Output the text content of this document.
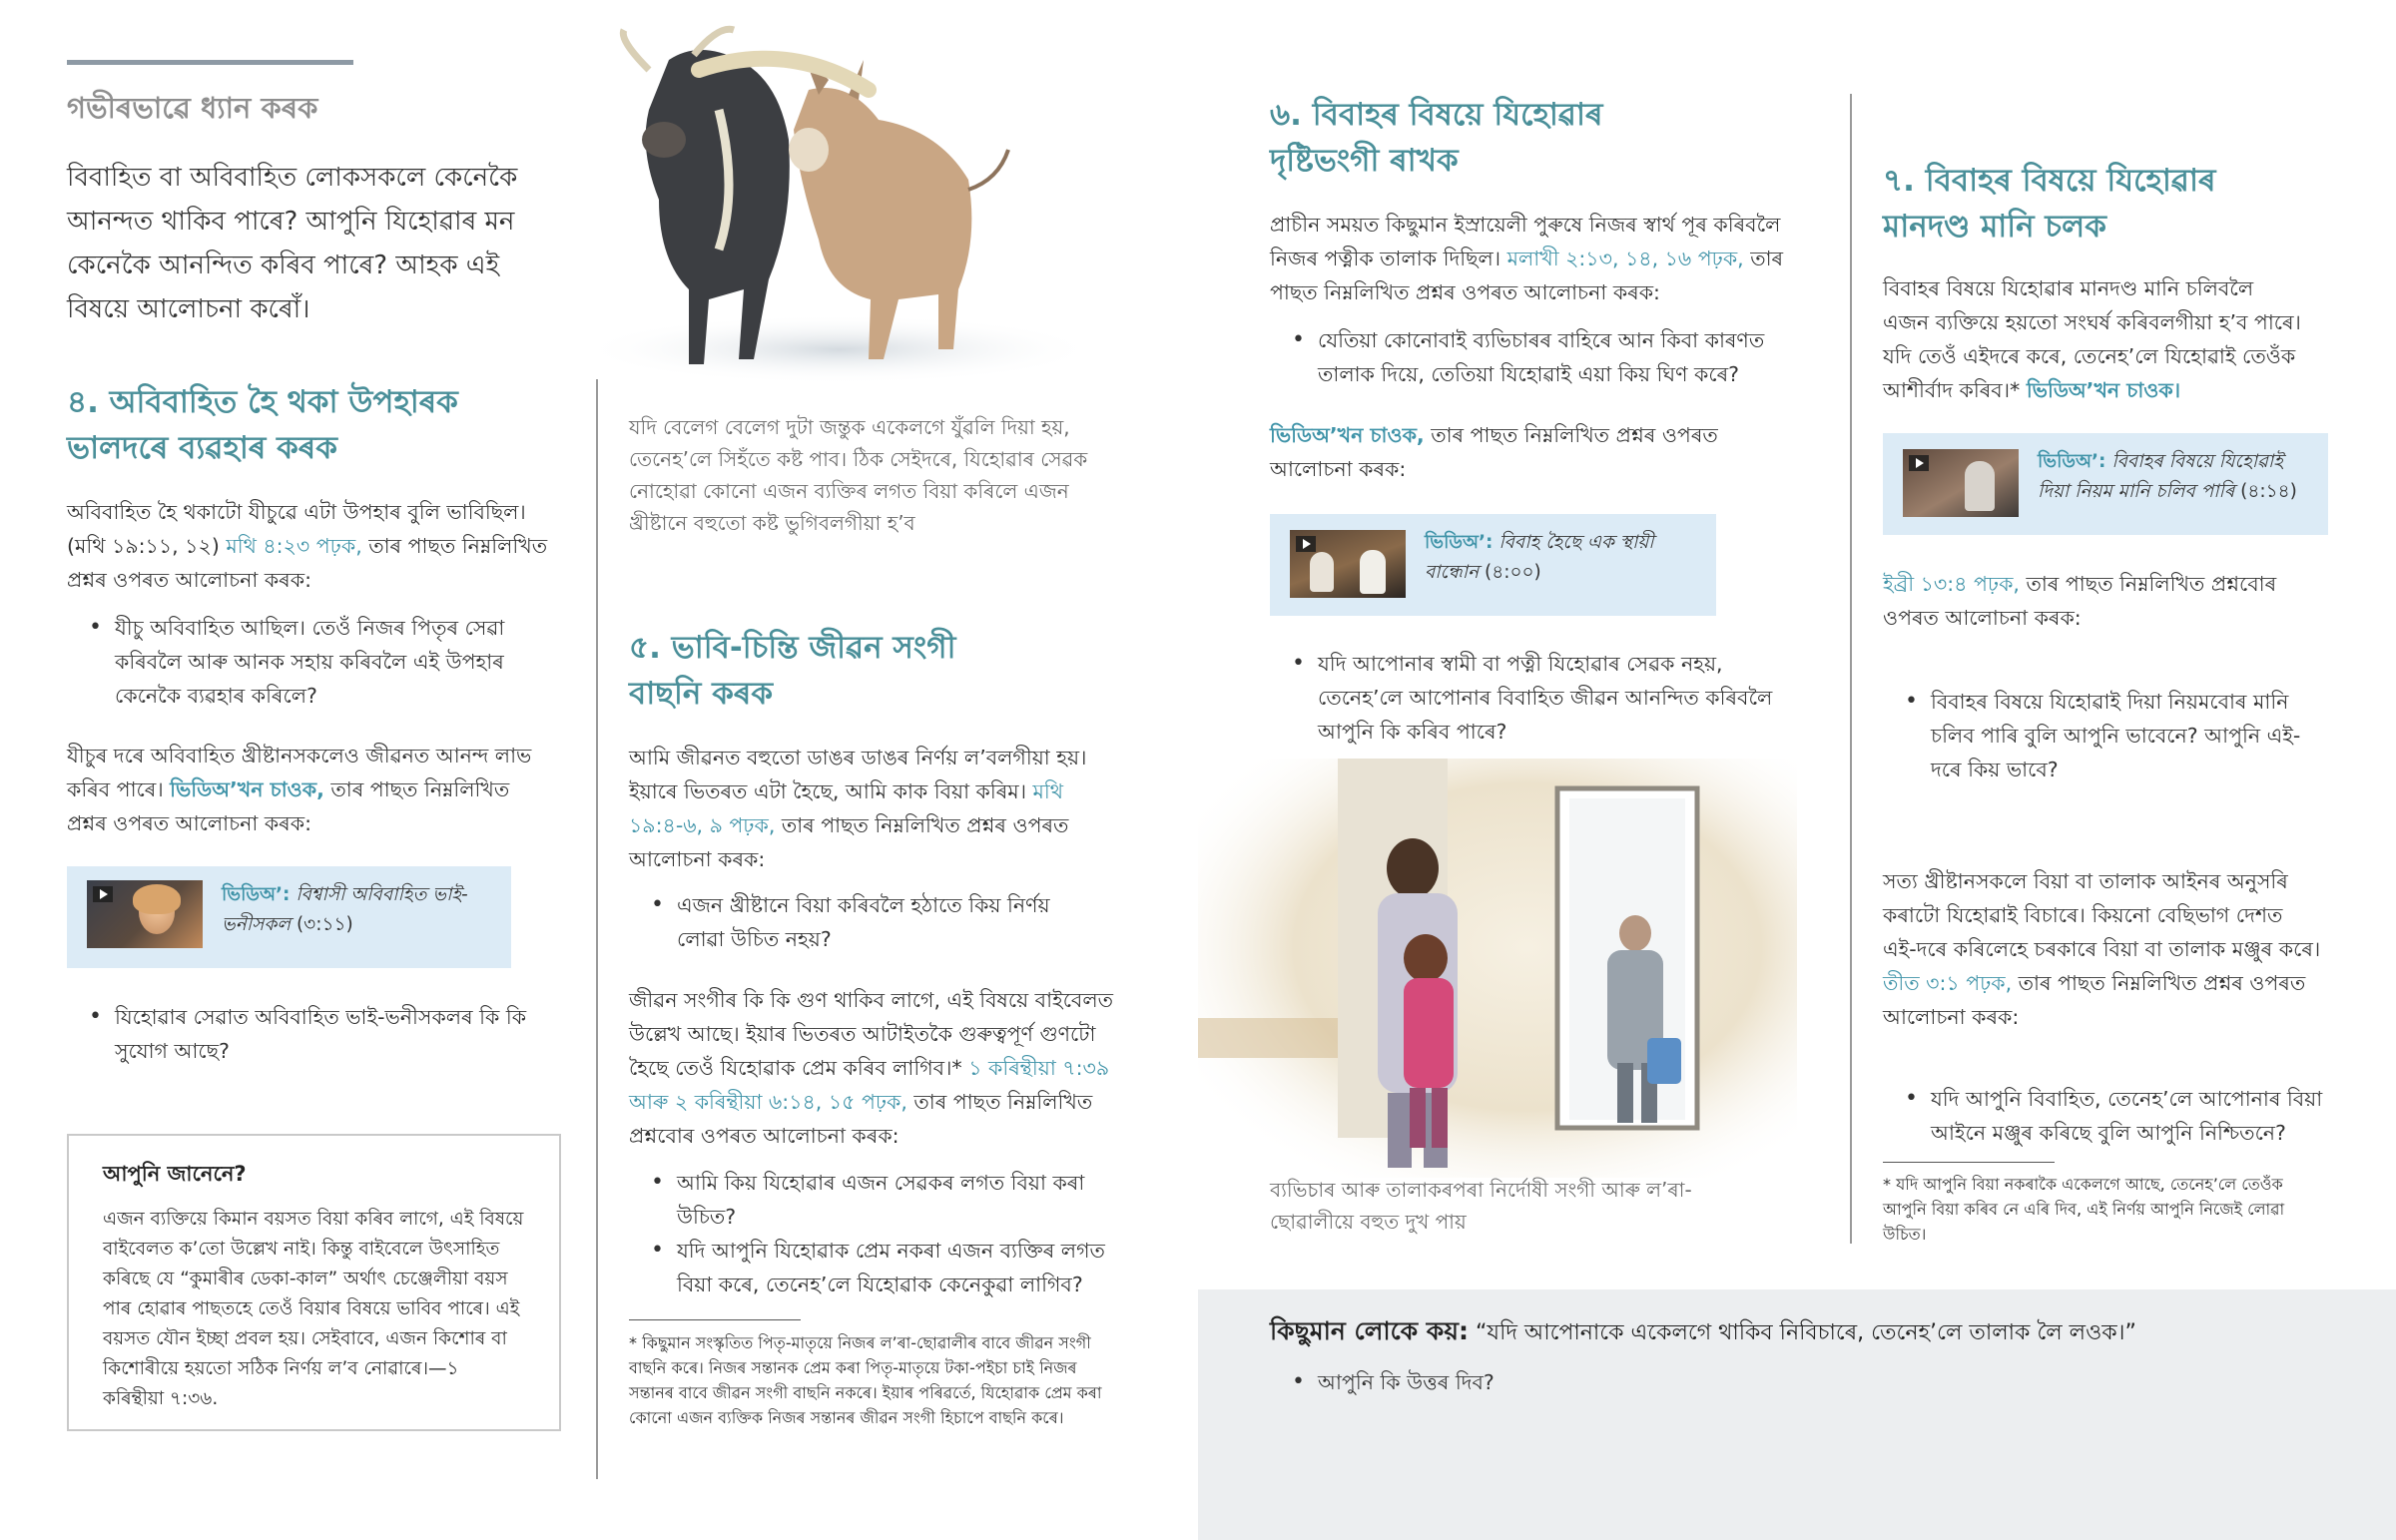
গভীৰভাৱে ধ্যান কৰক

বিবাহিত বা অবিবাহিত লোকসকলে কেনেকৈ আনন্দত থাকিব পাৰে? আপুনি যিহোৱাৰ মন কেনেকৈ আনন্দিত কৰিব পাৰে? আহক এই বিষয়ে আলোচনা কৰোঁ।

৪. অবিবাহিত হৈ থকা উপহাৰক ভালদৰে ব্যৱহাৰ কৰক

অবিবাহিত হৈ থকাটো যীচুৱে এটা উপহাৰ বুলি ভাবিছিল। (মথি ১৯:১১, ১২) মথি ৪:২৩ পঢ়ক, তাৰ পাছত নিম্নলিখিত প্ৰশ্নৰ ওপৰত আলোচনা কৰক:

• যীচু অবিবাহিত আছিল। তেওঁ নিজৰ পিতৃৰ সেৱা কৰিবলৈ আৰু আনক সহায় কৰিবলৈ এই উপহাৰ কেনেকৈ ব্যৱহাৰ কৰিলে?

যীচুৰ দৰে অবিবাহিত খ্ৰীষ্টানসকলেও জীৱনত আনন্দ লাভ কৰিব পাৰে। ভিডিঅ’খন চাওক, তাৰ পাছত নিম্নলিখিত প্ৰশ্নৰ ওপৰত আলোচনা কৰক:

ভিডিঅ’: বিশ্বাসী অবিবাহিত ভাই-ভনীসকল (৩:১১)
• যিহোৱাৰ সেৱাত অবিবাহিত ভাই-ভনীসকলৰ কি কি সুযোগ আছে?
আপুনি জানেনে?

এজন ব্যক্তিয়ে কিমান বয়সত বিয়া কৰিব লাগে, এই বিষয়ে বাইবেলত ক’তো উল্লেখ নাই। কিন্তু বাইবেলে উৎসাহিত কৰিছে যে “কুমাৰীৰ ডেকা-কাল” অৰ্থাৎ চেঞ্জেলীয়া বয়স পাৰ হোৱাৰ পাছতহে তেওঁ বিয়াৰ বিষয়ে ভাবিব পাৰে। এই বয়সত যৌন ইচ্ছা প্ৰবল হয়। সেইবাবে, এজন কিশোৰ বা কিশোৰীয়ে হয়তো সঠিক নিৰ্ণয় ল’ব নোৱাৰে।—১ কৰিন্থীয়া ৭:৩৬.

যদি বেলেগ বেলেগ দুটা জন্তুক একেলগে যুঁৱলি দিয়া হয়, তেনেহ’লে সিহঁতে কষ্ট পাব। ঠিক সেইদৰে, যিহোৱাৰ সেৱক নোহোৱা কোনো এজন ব্যক্তিৰ লগত বিয়া কৰিলে এজন খ্ৰীষ্টানে বহুতো কষ্ট ভুগিবলগীয়া হ’ব

৫. ভাবি-চিন্তি জীৱন সংগী বাছনি কৰক

আমি জীৱনত বহুতো ডাঙৰ ডাঙৰ নিৰ্ণয় ল’বলগীয়া হয়। ইয়াৰে ভিতৰত এটা হৈছে, আমি কাক বিয়া কৰিম। মথি ১৯:৪-৬, ৯ পঢ়ক, তাৰ পাছত নিম্নলিখিত প্ৰশ্নৰ ওপৰত আলোচনা কৰক:

• এজন খ্ৰীষ্টানে বিয়া কৰিবলৈ হঠাতে কিয় নিৰ্ণয় লোৱা উচিত নহয়?

জীৱন সংগীৰ কি কি গুণ থাকিব লাগে, এই বিষয়ে বাইবেলত উল্লেখ আছে। ইয়াৰ ভিতৰত আটাইতকৈ গুৰুত্বপূৰ্ণ গুণটো হৈছে তেওঁ যিহোৱাক প্ৰেম কৰিব লাগিব।* ১ কৰিন্থীয়া ৭:৩৯ আৰু ২ কৰিন্থীয়া ৬:১৪, ১৫ পঢ়ক, তাৰ পাছত নিম্নলিখিত প্ৰশ্নবোৰ ওপৰত আলোচনা কৰক:

• আমি কিয় যিহোৱাৰ এজন সেৱকৰ লগত বিয়া কৰা উচিত?
• যদি আপুনি যিহোৱাক প্ৰেম নকৰা এজন ব্যক্তিৰ লগত বিয়া কৰে, তেনেহ’লে যিহোৱাক কেনেকুৱা লাগিব?

* কিছুমান সংস্কৃতিত পিতৃ-মাতৃয়ে নিজৰ ল’ৰা-ছোৱালীৰ বাবে জীৱন সংগী বাছনি কৰে। নিজৰ সন্তানক প্ৰেম কৰা পিতৃ-মাতৃয়ে টকা-পইচা চাই নিজৰ সন্তানৰ বাবে জীৱন সংগী বাছনি নকৰে। ইয়াৰ পৰিৱৰ্তে, যিহোৱাক প্ৰেম কৰা কোনো এজন ব্যক্তিক নিজৰ সন্তানৰ জীৱন সংগী হিচাপে বাছনি কৰে।

৬. বিবাহৰ বিষয়ে যিহোৱাৰ দৃষ্টিভংগী ৰাখক

প্ৰাচীন সময়ত কিছুমান ইস্ৰায়েলী পুৰুষে নিজৰ স্বাৰ্থ পূৰ কৰিবলৈ নিজৰ পত্নীক তালাক দিছিল। মলাখী ২:১৩, ১৪, ১৬ পঢ়ক, তাৰ পাছত নিম্নলিখিত প্ৰশ্নৰ ওপৰত আলোচনা কৰক:

• যেতিয়া কোনোবাই ব্যভিচাৰৰ বাহিৰে আন কিবা কাৰণত তালাক দিয়ে, তেতিয়া যিহোৱাই এয়া কিয় ঘিণ কৰে?

ভিডিঅ’খন চাওক, তাৰ পাছত নিম্নলিখিত প্ৰশ্নৰ ওপৰত আলোচনা কৰক:

ভিডিঅ’: বিবাহ হৈছে এক স্থায়ী বান্ধোন (৪:০০)
• যদি আপোনাৰ স্বামী বা পত্নী যিহোৱাৰ সেৱক নহয়, তেনেহ’লে আপোনাৰ বিবাহিত জীৱন আনন্দিত কৰিবলৈ আপুনি কি কৰিব পাৰে?

ব্যভিচাৰ আৰু তালাকৰপৰা নিৰ্দোষী সংগী আৰু ল’ৰা-ছোৱালীয়ে বহুত দুখ পায়

৭. বিবাহৰ বিষয়ে যিহোৱাৰ মানদণ্ড মানি চলক

বিবাহৰ বিষয়ে যিহোৱাৰ মানদণ্ড মানি চলিবলৈ এজন ব্যক্তিয়ে হয়তো সংঘৰ্ষ কৰিবলগীয়া হ’ব পাৰে। যদি তেওঁ এইদৰে কৰে, তেনেহ’লে যিহোৱাই তেওঁক আশীৰ্বাদ কৰিব।* ভিডিঅ’খন চাওক।

ভিডিঅ’: বিবাহৰ বিষয়ে যিহোৱাই দিয়া নিয়ম মানি চলিব পাৰি (৪:১৪)

ইব্ৰী ১৩:৪ পঢ়ক, তাৰ পাছত নিম্নলিখিত প্ৰশ্নবোৰ ওপৰত আলোচনা কৰক:

• বিবাহৰ বিষয়ে যিহোৱাই দিয়া নিয়মবোৰ মানি চলিব পাৰি বুলি আপুনি ভাবেনে? আপুনি এই-দৰে কিয় ভাবে?

সত্য খ্ৰীষ্টানসকলে বিয়া বা তালাক আইনৰ অনুসৰি কৰাটো যিহোৱাই বিচাৰে। কিয়নো বেছিভাগ দেশত এই-দৰে কৰিলেহে চৰকাৰে বিয়া বা তালাক মঞ্জুৰ কৰে। তীত ৩:১ পঢ়ক, তাৰ পাছত নিম্নলিখিত প্ৰশ্নৰ ওপৰত আলোচনা কৰক:

• যদি আপুনি বিবাহিত, তেনেহ’লে আপোনাৰ বিয়া আইনে মঞ্জুৰ কৰিছে বুলি আপুনি নিশ্চিতনে?

* যদি আপুনি বিয়া নকৰাকৈ একেলগে আছে, তেনেহ’লে তেওঁক আপুনি বিয়া কৰিব নে এৰি দিব, এই নিৰ্ণয় আপুনি নিজেই লোৱা উচিত।

কিছুমান লোকে কয়: “যদি আপোনাকে একেলগে থাকিব নিবিচাৰে, তেনেহ’লে তালাক লৈ লওক।”

• আপুনি কি উত্তৰ দিব?
